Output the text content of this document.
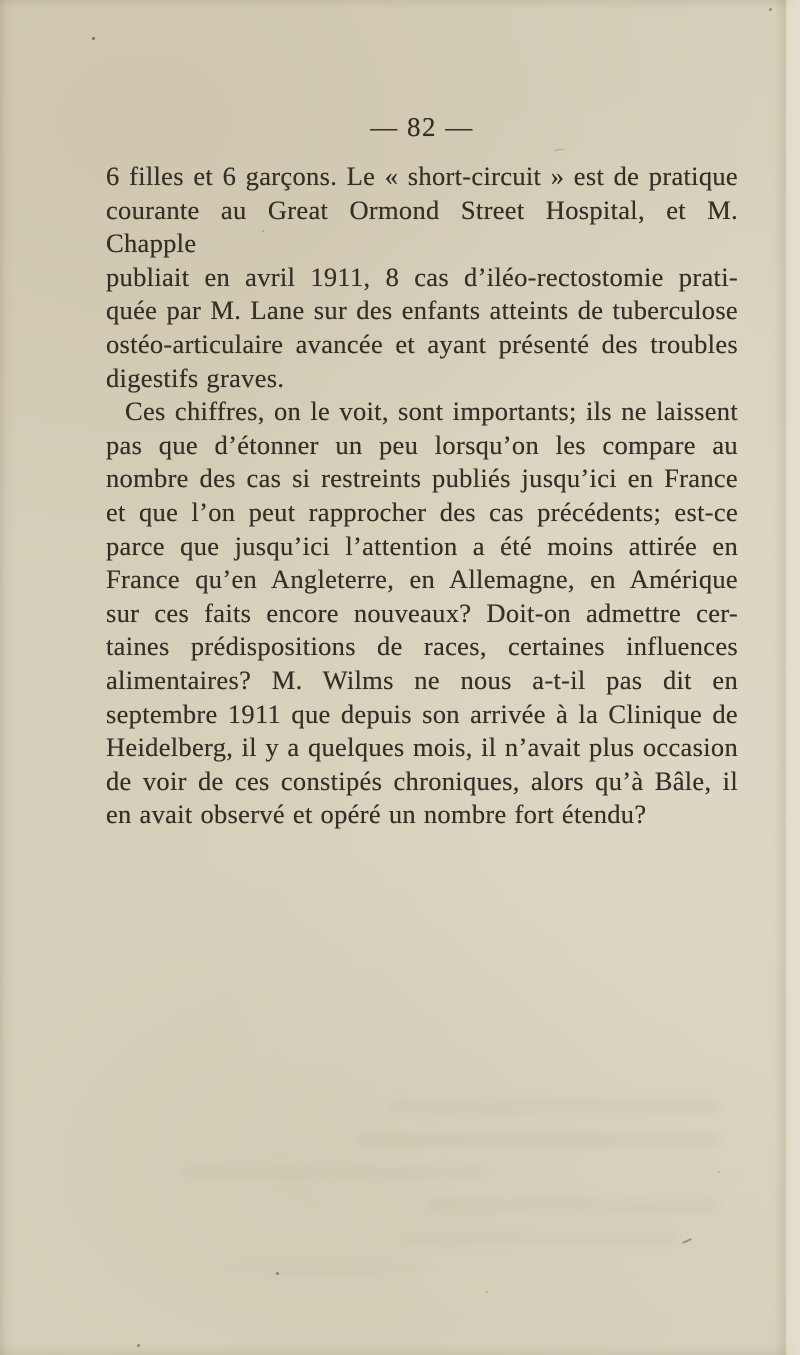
— 82 —
6 filles et 6 garçons. Le « short-circuit » est de pratique
courante au Great Ormond Street Hospital, et M. Chapple
publiait en avril 1911, 8 cas d’iléo-rectostomie prati-
quée par M. Lane sur des enfants atteints de tuberculose
ostéo-articulaire avancée et ayant présenté des troubles
digestifs graves.
Ces chiffres, on le voit, sont importants; ils ne laissent
pas que d’étonner un peu lorsqu’on les compare au
nombre des cas si restreints publiés jusqu’ici en France
et que l’on peut rapprocher des cas précédents; est-ce
parce que jusqu’ici l’attention a été moins attirée en
France qu’en Angleterre, en Allemagne, en Amérique
sur ces faits encore nouveaux? Doit-on admettre cer-
taines prédispositions de races, certaines influences
alimentaires? M. Wilms ne nous a-t-il pas dit en
septembre 1911 que depuis son arrivée à la Clinique de
Heidelberg, il y a quelques mois, il n’avait plus occasion
de voir de ces constipés chroniques, alors qu’à Bâle, il
en avait observé et opéré un nombre fort étendu?
